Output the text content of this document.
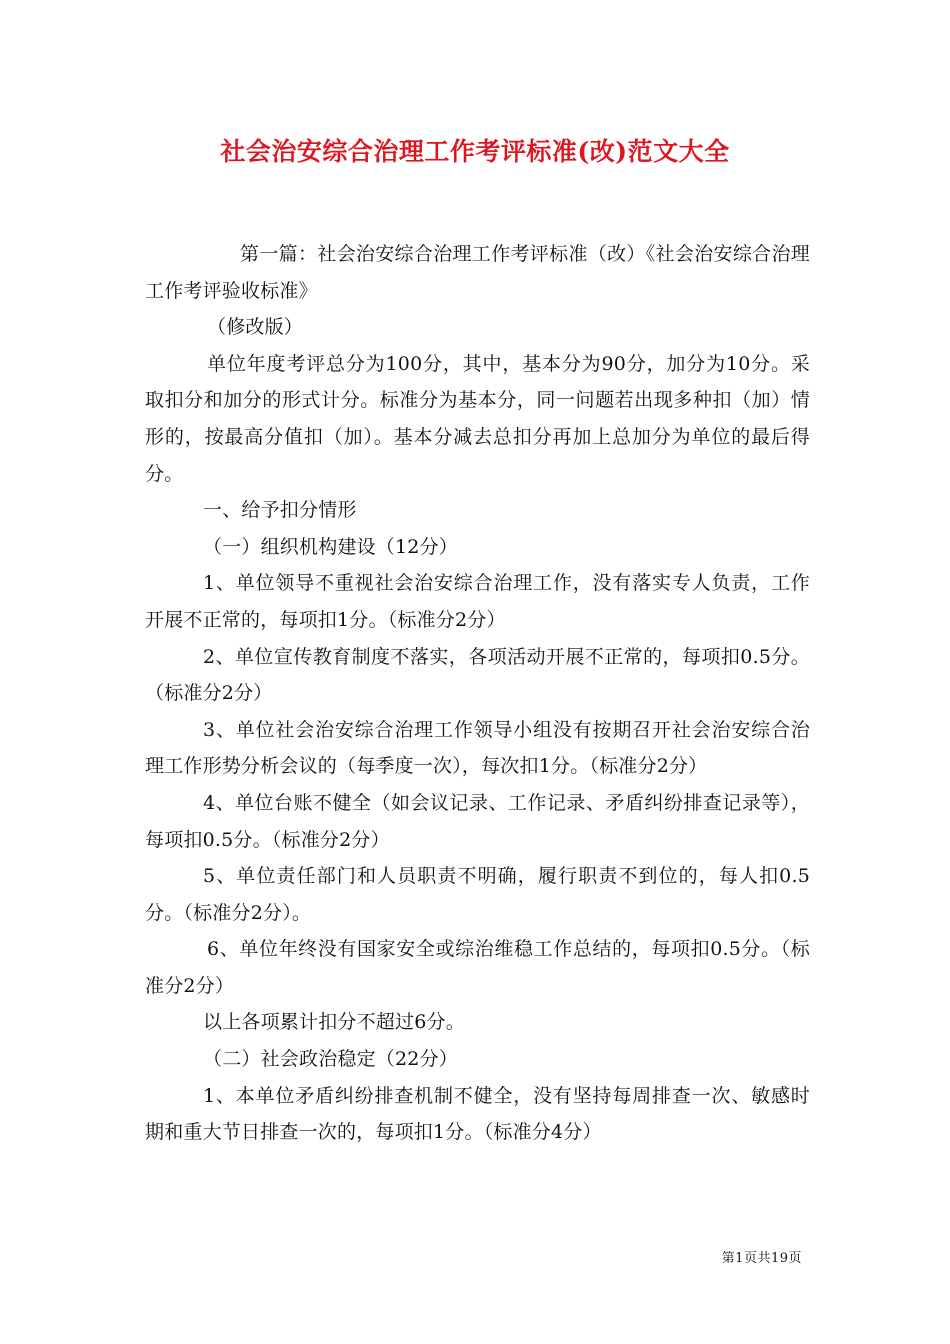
社会治安综合治理工作考评标准(改)范文大全

第一篇：社会治安综合治理工作考评标准（改）《社会治安综合治理工作考评验收标准》

（修改版）

单位年度考评总分为100分，其中，基本分为90分，加分为10分。采取扣分和加分的形式计分。标准分为基本分，同一问题若出现多种扣（加）情形的，按最高分值扣（加）。基本分减去总扣分再加上总加分为单位的最后得分。

一、给予扣分情形

（一）组织机构建设（12分）

1、单位领导不重视社会治安综合治理工作，没有落实专人负责，工作开展不正常的，每项扣1分。（标准分2分）

2、单位宣传教育制度不落实，各项活动开展不正常的，每项扣0.5分。（标准分2分）

3、单位社会治安综合治理工作领导小组没有按期召开社会治安综合治理工作形势分析会议的（每季度一次），每次扣1分。（标准分2分）

4、单位台账不健全（如会议记录、工作记录、矛盾纠纷排查记录等），每项扣0.5分。（标准分2分）

5、单位责任部门和人员职责不明确，履行职责不到位的，每人扣0.5分。（标准分2分）。

6、单位年终没有国家安全或综治维稳工作总结的，每项扣0.5分。（标准分2分）

以上各项累计扣分不超过6分。

（二）社会政治稳定（22分）

1、本单位矛盾纠纷排查机制不健全，没有坚持每周排查一次、敏感时期和重大节日排查一次的，每项扣1分。（标准分4分）

第1页共19页
